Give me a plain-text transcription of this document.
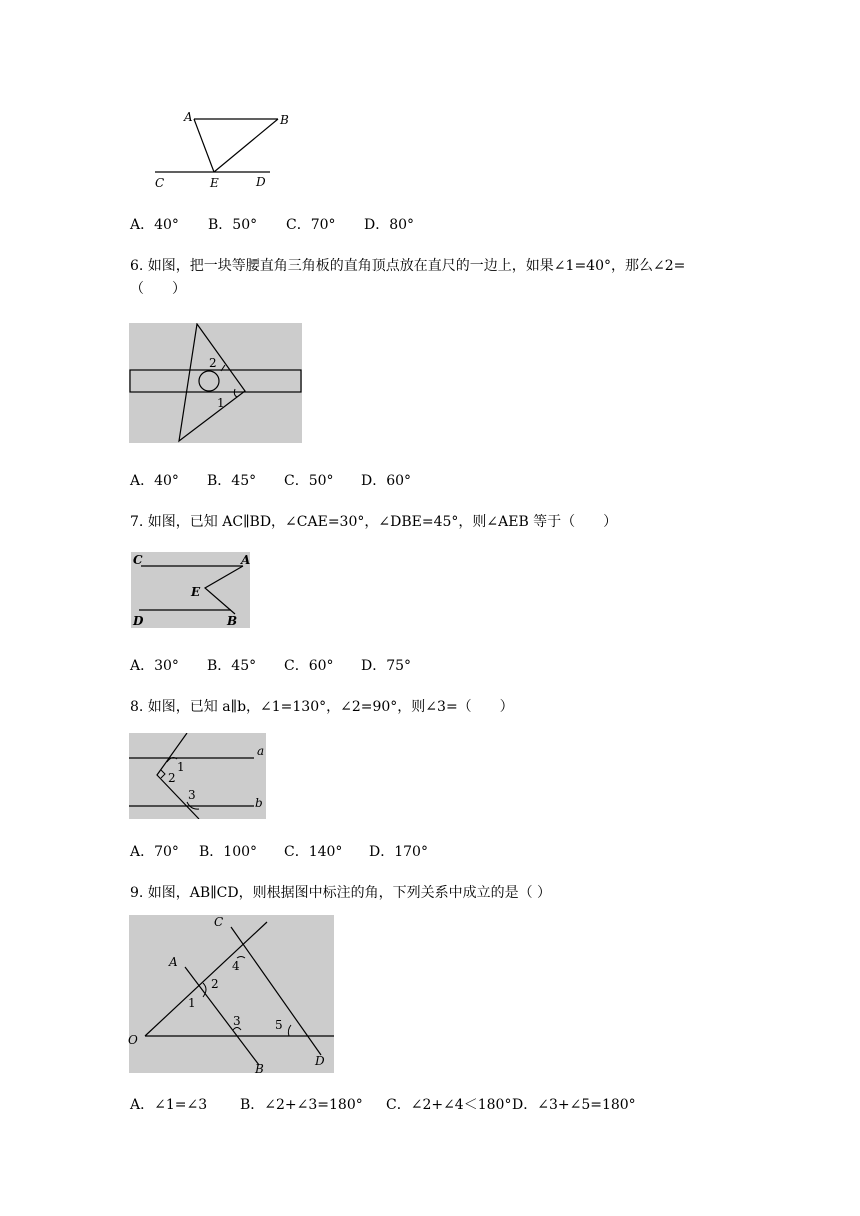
A	B
C	E	D
A．40° B．50° C．70° D．80°
6. 如图，把一块等腰直角三角板的直角顶点放在直尺的一边上，如果∠1=40°，那么∠2=
（　　）
2
1
A．40° B．45° C．50° D．60°
7. 如图，已知 AC∥BD，∠CAE=30°，∠DBE=45°，则∠AEB 等于（　　）
C	A
E
D	B
A．30° B．45° C．60° D．75°
8. 如图，已知 a∥b，∠1=130°，∠2=90°，则∠3=（　　）
a
b
1
2
3
A．70° B．100° C．140° D．170°
9. 如图，AB∥CD，则根据图中标注的角，下列关系中成立的是（ ）
C
A
O
B
D
1
2
3
4
5
A．∠1=∠3 B．∠2+∠3=180° C．∠2+∠4＜180°D．∠3+∠5=180°
